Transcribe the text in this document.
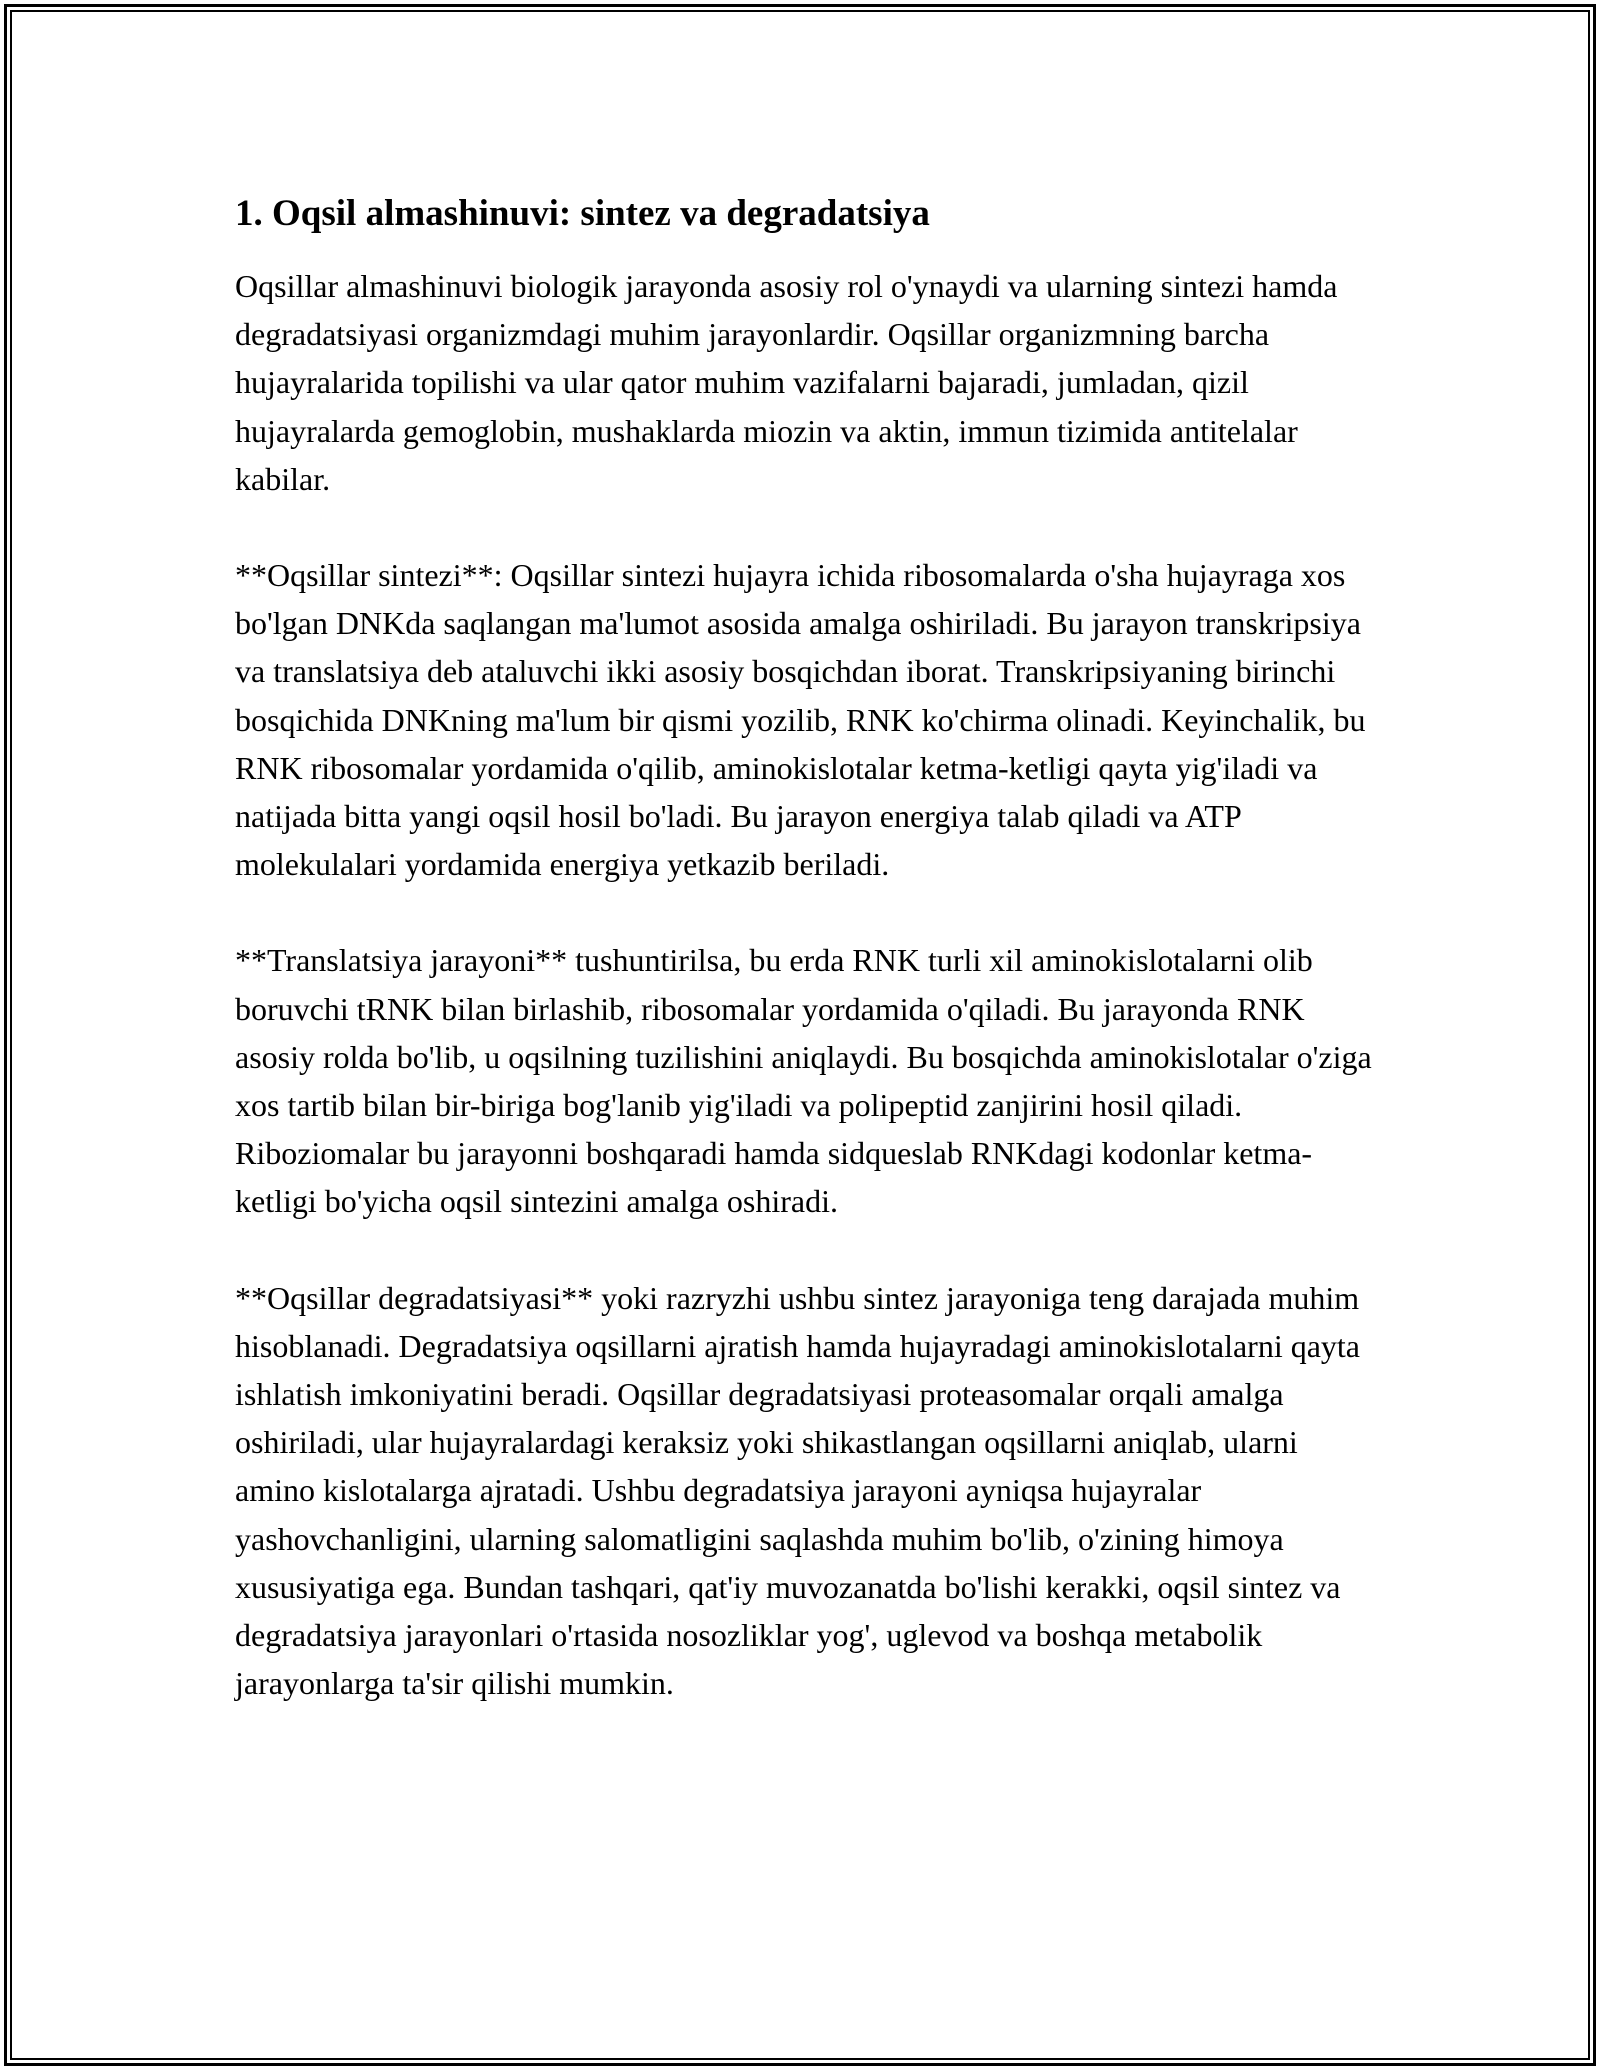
1. Oqsil almashinuvi: sintez va degradatsiya

Oqsillar almashinuvi biologik jarayonda asosiy rol o'ynaydi va ularning sintezi hamda degradatsiyasi organizmdagi muhim jarayonlardir. Oqsillar organizmning barcha hujayralarida topilishi va ular qator muhim vazifalarni bajaradi, jumladan, qizil hujayralarda gemoglobin, mushaklarda miozin va aktin, immun tizimida antitelalar kabilar.

**Oqsillar sintezi**: Oqsillar sintezi hujayra ichida ribosomalarda o'sha hujayraga xos bo'lgan DNKda saqlangan ma'lumot asosida amalga oshiriladi. Bu jarayon transkripsiya va translatsiya deb ataluvchi ikki asosiy bosqichdan iborat. Transkripsiyaning birinchi bosqichida DNKning ma'lum bir qismi yozilib, RNK ko'chirma olinadi. Keyinchalik, bu RNK ribosomalar yordamida o'qilib, aminokislotalar ketma-ketligi qayta yig'iladi va natijada bitta yangi oqsil hosil bo'ladi. Bu jarayon energiya talab qiladi va ATP molekulalari yordamida energiya yetkazib beriladi.

**Translatsiya jarayoni** tushuntirilsa, bu erda RNK turli xil aminokislotalarni olib boruvchi tRNK bilan birlashib, ribosomalar yordamida o'qiladi. Bu jarayonda RNK asosiy rolda bo'lib, u oqsilning tuzilishini aniqlaydi. Bu bosqichda aminokislotalar o'ziga xos tartib bilan bir-biriga bog'lanib yig'iladi va polipeptid zanjirini hosil qiladi. Riboziomalar bu jarayonni boshqaradi hamda sidqueslab RNKdagi kodonlar ketma-ketligi bo'yicha oqsil sintezini amalga oshiradi.

**Oqsillar degradatsiyasi** yoki razryzhi ushbu sintez jarayoniga teng darajada muhim hisoblanadi. Degradatsiya oqsillarni ajratish hamda hujayradagi aminokislotalarni qayta ishlatish imkoniyatini beradi. Oqsillar degradatsiyasi proteasomalar orqali amalga oshiriladi, ular hujayralardagi keraksiz yoki shikastlangan oqsillarni aniqlab, ularni amino kislotalarga ajratadi. Ushbu degradatsiya jarayoni ayniqsa hujayralar yashovchanligini, ularning salomatligini saqlashda muhim bo'lib, o'zining himoya xususiyatiga ega. Bundan tashqari, qat'iy muvozanatda bo'lishi kerakki, oqsil sintez va degradatsiya jarayonlari o'rtasida nosozliklar yog', uglevod va boshqa metabolik jarayonlarga ta'sir qilishi mumkin.
